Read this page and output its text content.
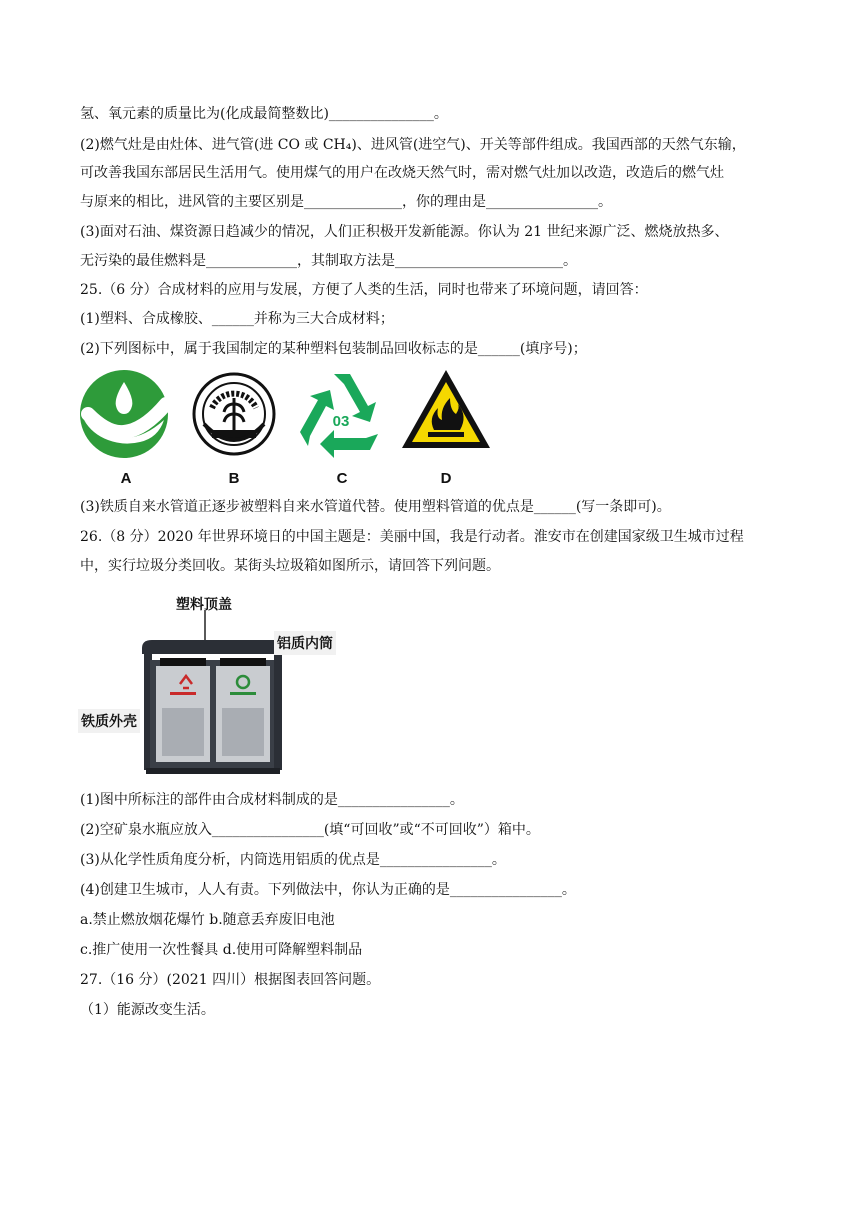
氢、氧元素的质量比为(化成最简整数比)_______________。
(2)燃气灶是由灶体、进气管(进 CO 或 CH₄)、进风管(进空气)、开关等部件组成。我国西部的天然气东输，
可改善我国东部居民生活用气。使用煤气的用户在改烧天然气时，需对燃气灶加以改造，改造后的燃气灶
与原来的相比，进风管的主要区别是______________，你的理由是________________。
(3)面对石油、煤资源日趋减少的情况，人们正积极开发新能源。你认为 21 世纪来源广泛、燃烧放热多、
无污染的最佳燃料是_____________，其制取方法是________________________。
25.（6 分）合成材料的应用与发展，方便了人类的生活，同时也带来了环境问题，请回答：
(1)塑料、合成橡胶、______并称为三大合成材料；
(2)下列图标中，属于我国制定的某种塑料包装制品回收标志的是______(填序号)；
(3)铁质自来水管道正逐步被塑料自来水管道代替。使用塑料管道的优点是______(写一条即可)。
26.（8 分）2020 年世界环境日的中国主题是：美丽中国，我是行动者。淮安市在创建国家级卫生城市过程
中，实行垃圾分类回收。某街头垃圾箱如图所示，请回答下列问题。
(1)图中所标注的部件由合成材料制成的是________________。
(2)空矿泉水瓶应放入________________(填“可回收”或“不可回收”）箱中。
(3)从化学性质角度分析，内筒选用铝质的优点是________________。
(4)创建卫生城市，人人有责。下列做法中，你认为正确的是________________。
a.禁止燃放烟花爆竹 b.随意丢弃废旧电池
c.推广使用一次性餐具 d.使用可降解塑料制品
27.（16 分）(2021 四川）根据图表回答问题。
（1）能源改变生活。
A	B
03
C	D
塑料顶盖
铝质内筒
铁质外壳
